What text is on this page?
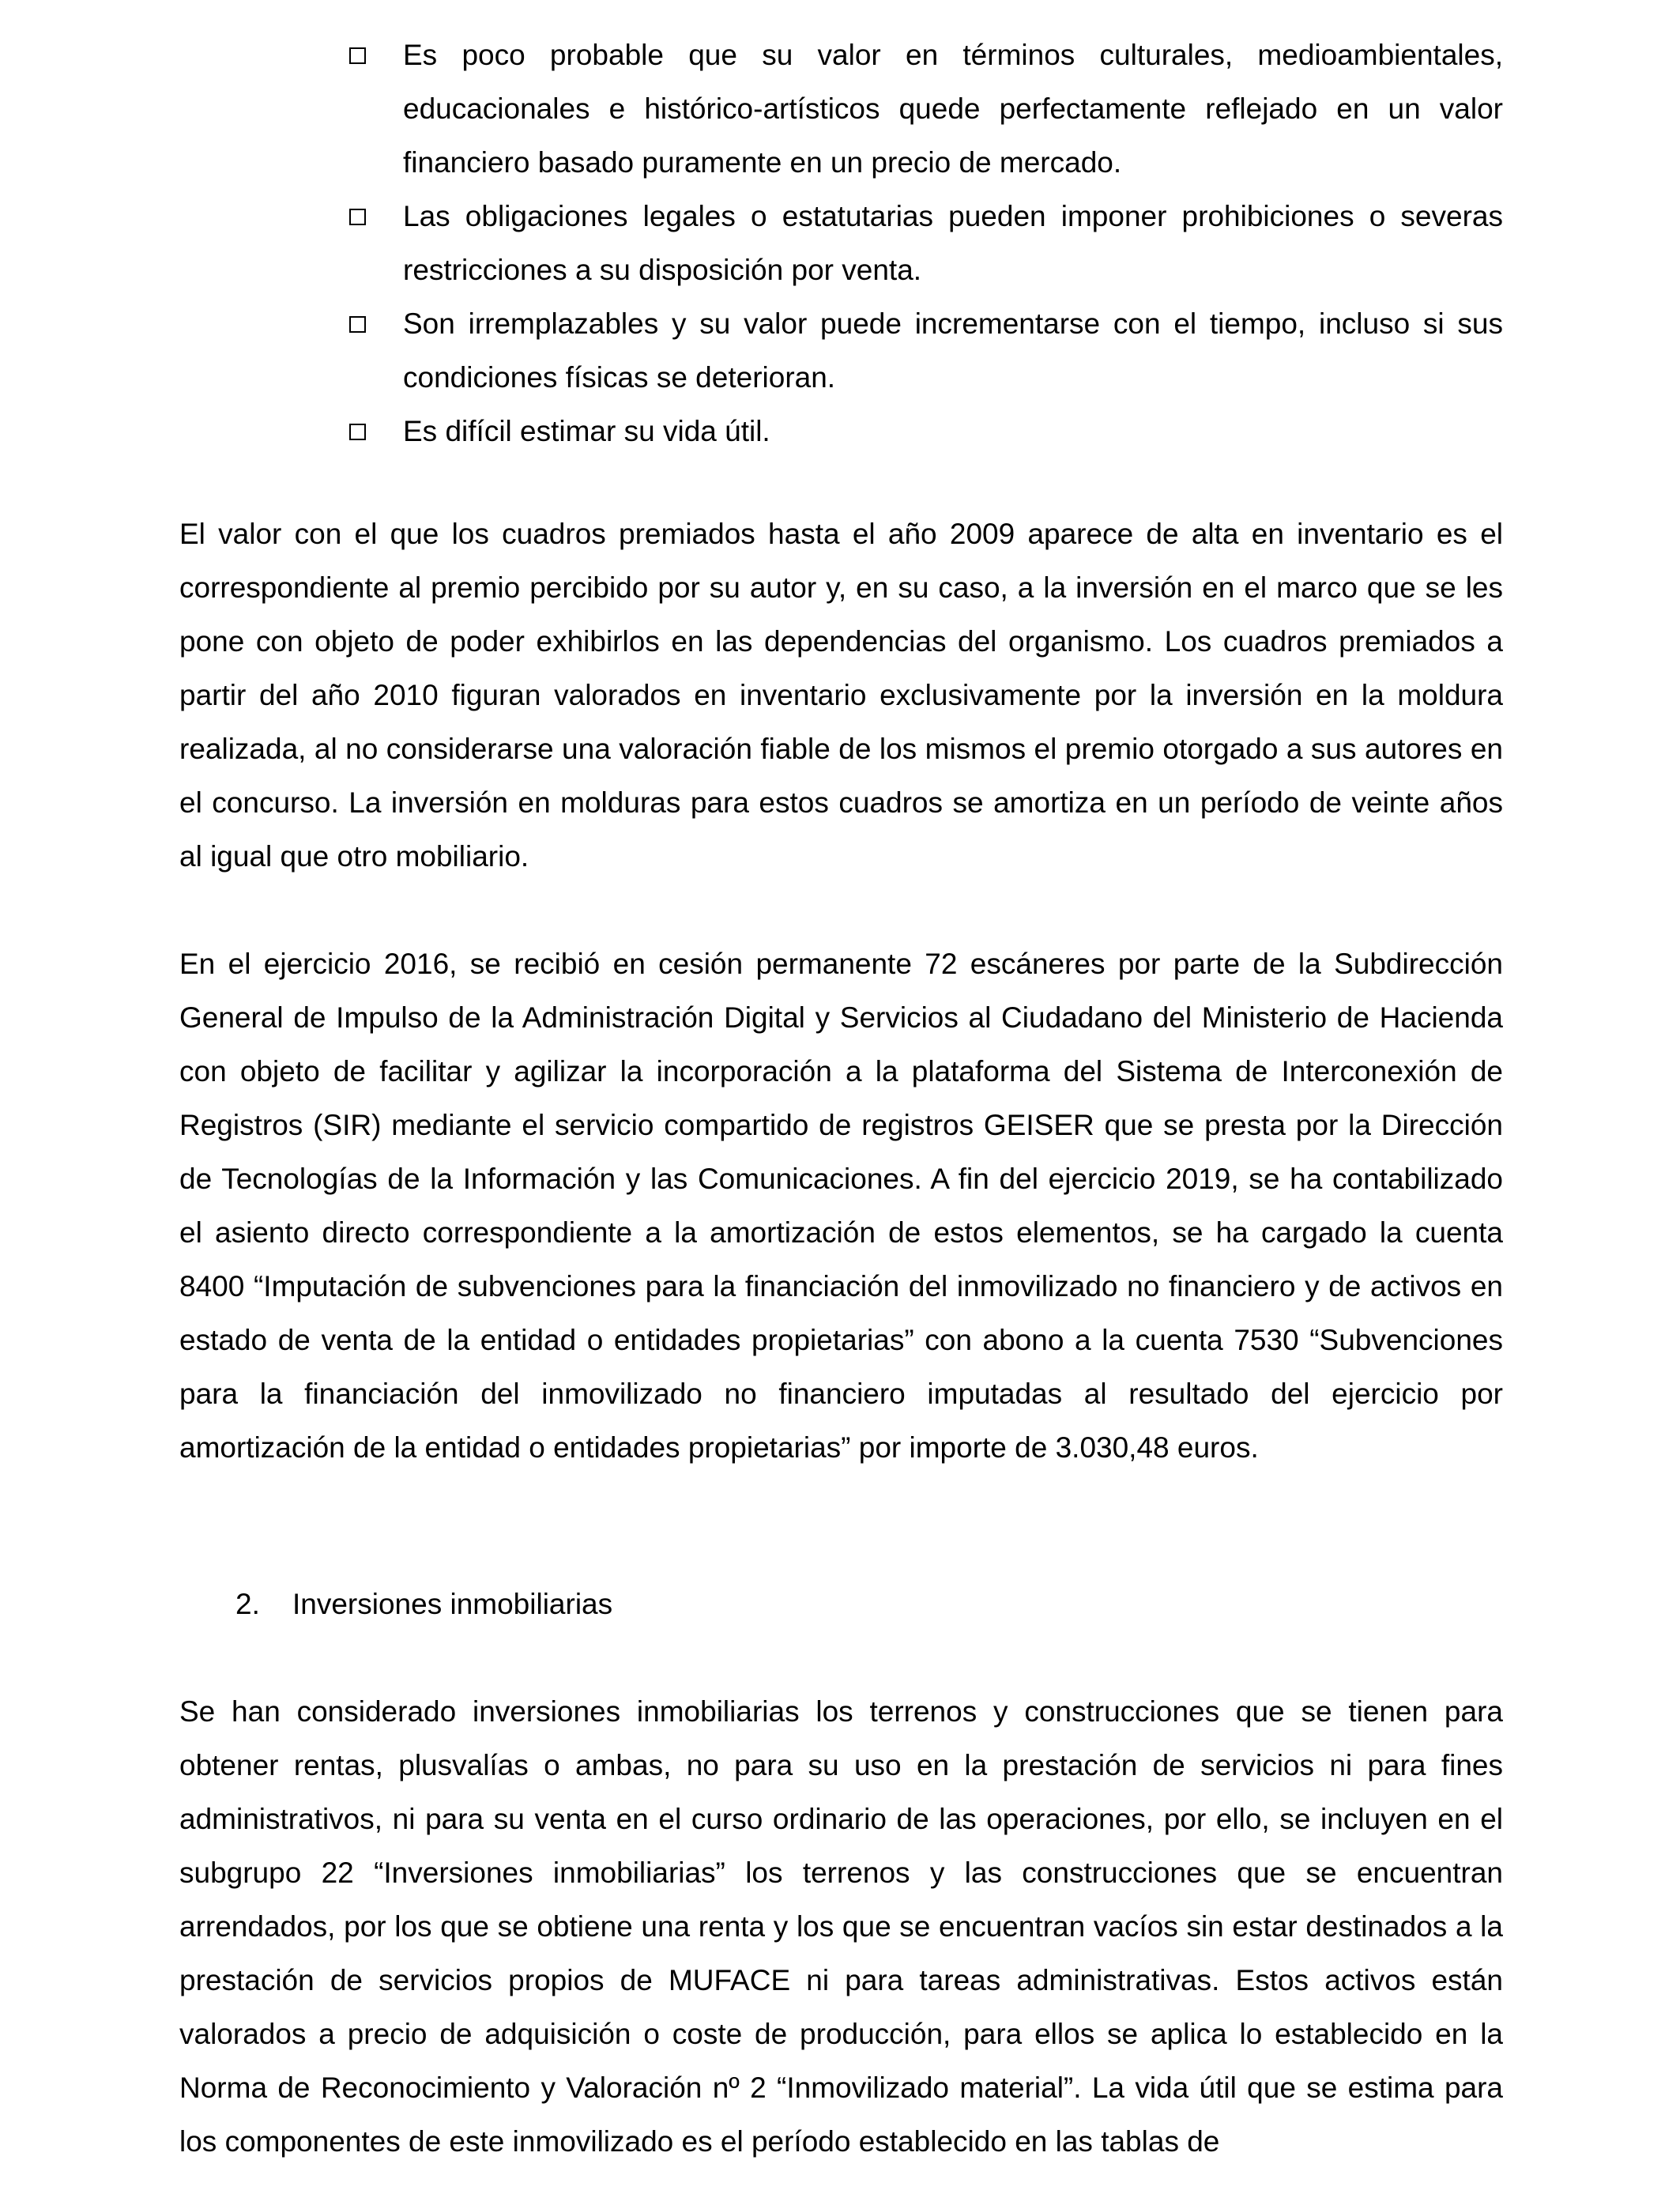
Es poco probable que su valor en términos culturales, medioambientales, educacionales e histórico-artísticos quede perfectamente reflejado en un valor financiero basado puramente en un precio de mercado.
Las obligaciones legales o estatutarias pueden imponer prohibiciones o severas restricciones a su disposición por venta.
Son irremplazables y su valor puede incrementarse con el tiempo, incluso si sus condiciones físicas se deterioran.
Es difícil estimar su vida útil.

El valor con el que los cuadros premiados hasta el año 2009 aparece de alta en inventario es el correspondiente al premio percibido por su autor y, en su caso, a la inversión en el marco que se les pone con objeto de poder exhibirlos en las dependencias del organismo. Los cuadros premiados a partir del año 2010 figuran valorados en inventario exclusivamente por la inversión en la moldura realizada, al no considerarse una valoración fiable de los mismos el premio otorgado a sus autores en el concurso. La inversión en molduras para estos cuadros se amortiza en un período de veinte años al igual que otro mobiliario.

En el ejercicio 2016, se recibió en cesión permanente 72 escáneres por parte de la Subdirección General de Impulso de la Administración Digital y Servicios al Ciudadano del Ministerio de Hacienda con objeto de facilitar y agilizar la incorporación a la plataforma del Sistema de Interconexión de Registros (SIR) mediante el servicio compartido de registros GEISER que se presta por la Dirección de Tecnologías de la Información y las Comunicaciones. A fin del ejercicio 2019, se ha contabilizado el asiento directo correspondiente a la amortización de estos elementos, se ha cargado la cuenta 8400 “Imputación de subvenciones para la financiación del inmovilizado no financiero y de activos en estado de venta de la entidad o entidades propietarias” con abono a la cuenta 7530 “Subvenciones para la financiación del inmovilizado no financiero imputadas al resultado del ejercicio por amortización de la entidad o entidades propietarias” por importe de 3.030,48 euros.

2. Inversiones inmobiliarias

Se han considerado inversiones inmobiliarias los terrenos y construcciones que se tienen para obtener rentas, plusvalías o ambas, no para su uso en la prestación de servicios ni para fines administrativos, ni para su venta en el curso ordinario de las operaciones, por ello, se incluyen en el subgrupo 22 “Inversiones inmobiliarias” los terrenos y las construcciones que se encuentran arrendados, por los que se obtiene una renta y los que se encuentran vacíos sin estar destinados a la prestación de servicios propios de MUFACE ni para tareas administrativas. Estos activos están valorados a precio de adquisición o coste de producción, para ellos se aplica lo establecido en la Norma de Reconocimiento y Valoración nº 2 “Inmovilizado material”. La vida útil que se estima para los componentes de este inmovilizado es el período establecido en las tablas de
